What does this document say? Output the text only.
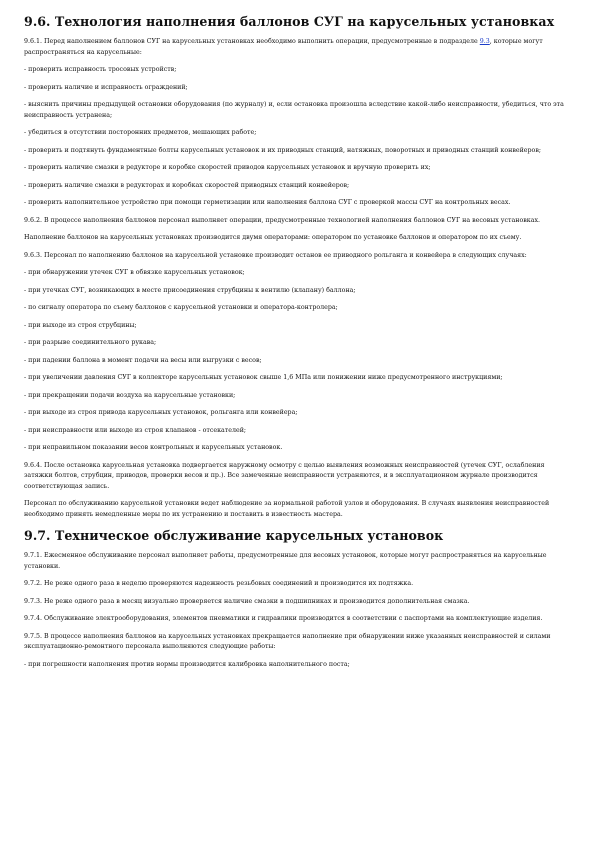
9.6. Технология наполнения баллонов СУГ на карусельных установках

9.6.1. Перед наполнением баллонов СУГ на карусельных установках необходимо выполнить операции, предусмотренные в подразделе 9.3, которые могут распространяться на карусельные:

- проверить исправность тросовых устройств;

- проверить наличие и исправность ограждений;

- выяснить причины предыдущей остановки оборудования (по журналу) и, если остановка произошла вследствие какой-либо неисправности, убедиться, что эта неисправность устранена;

- убедиться в отсутствии посторонних предметов, мешающих работе;

- проверить и подтянуть фундаментные болты карусельных установок и их приводных станций, натяжных, поворотных и приводных станций конвейеров;

- проверить наличие смазки в редукторе и коробке скоростей приводов карусельных установок и вручную проверить их;

- проверить наличие смазки в редукторах и коробках скоростей приводных станций конвейеров;

- проверить наполнительное устройство при помощи герметизации или наполнения баллона СУГ с проверкой массы СУГ на контрольных весах.

9.6.2. В процессе наполнения баллонов персонал выполняет операции, предусмотренные технологией наполнения баллонов СУГ на весовых установках.

Наполнение баллонов на карусельных установках производится двумя операторами: оператором по установке баллонов и оператором по их съему.

9.6.3. Персонал по наполнению баллонов на карусельной установке производит останов ее приводного рольганга и конвейера в следующих случаях:

- при обнаружении утечек СУГ в обвязке карусельных установок;

- при утечках СУГ, возникающих в месте присоединения струбцины к вентилю (клапану) баллона;

- по сигналу оператора по съему баллонов с карусельной установки и оператора-контролера;

- при выходе из строя струбцины;

- при разрыве соединительного рукава;

- при падении баллона в момент подачи на весы или выгрузки с весов;

- при увеличении давления СУГ в коллекторе карусельных установок свыше 1,6 МПа или понижении ниже предусмотренного инструкциями;

- при прекращении подачи воздуха на карусельные установки;

- при выходе из строя привода карусельных установок, рольганга или конвейера;

- при неисправности или выходе из строя клапанов - отсекателей;

- при неправильном показании весов контрольных и карусельных установок.

9.6.4. После остановка карусельная установка подвергается наружному осмотру с целью выявления возможных неисправностей (утечек СУГ, ослабления затяжки болтов, струбцин, приводов, проверки весов и пр.). Все замеченные неисправности устраняются, и в эксплуатационном журнале производится соответствующая запись.

Персонал по обслуживанию карусельной установки ведет наблюдение за нормальной работой узлов и оборудования. В случаях выявления неисправностей необходимо принять немедленные меры по их устранению и поставить в известность мастера.

9.7. Техническое обслуживание карусельных установок

9.7.1. Ежесменное обслуживание персонал выполняет работы, предусмотренные для весовых установок, которые могут распространяться на карусельные установки.

9.7.2. Не реже одного раза в неделю проверяются надежность резьбовых соединений и производится их подтяжка.

9.7.3. Не реже одного раза в месяц визуально проверяется наличие смазки в подшипниках и производится дополнительная смазка.

9.7.4. Обслуживание электрооборудования, элементов пневматики и гидравлики производится в соответствии с паспортами на комплектующие изделия.

9.7.5. В процессе наполнения баллонов на карусельных установках прекращается наполнение при обнаружении ниже указанных неисправностей и силами эксплуатационно-ремонтного персонала выполняются следующие работы:

- при погрешности наполнения против нормы производится калибровка наполнительного поста;
